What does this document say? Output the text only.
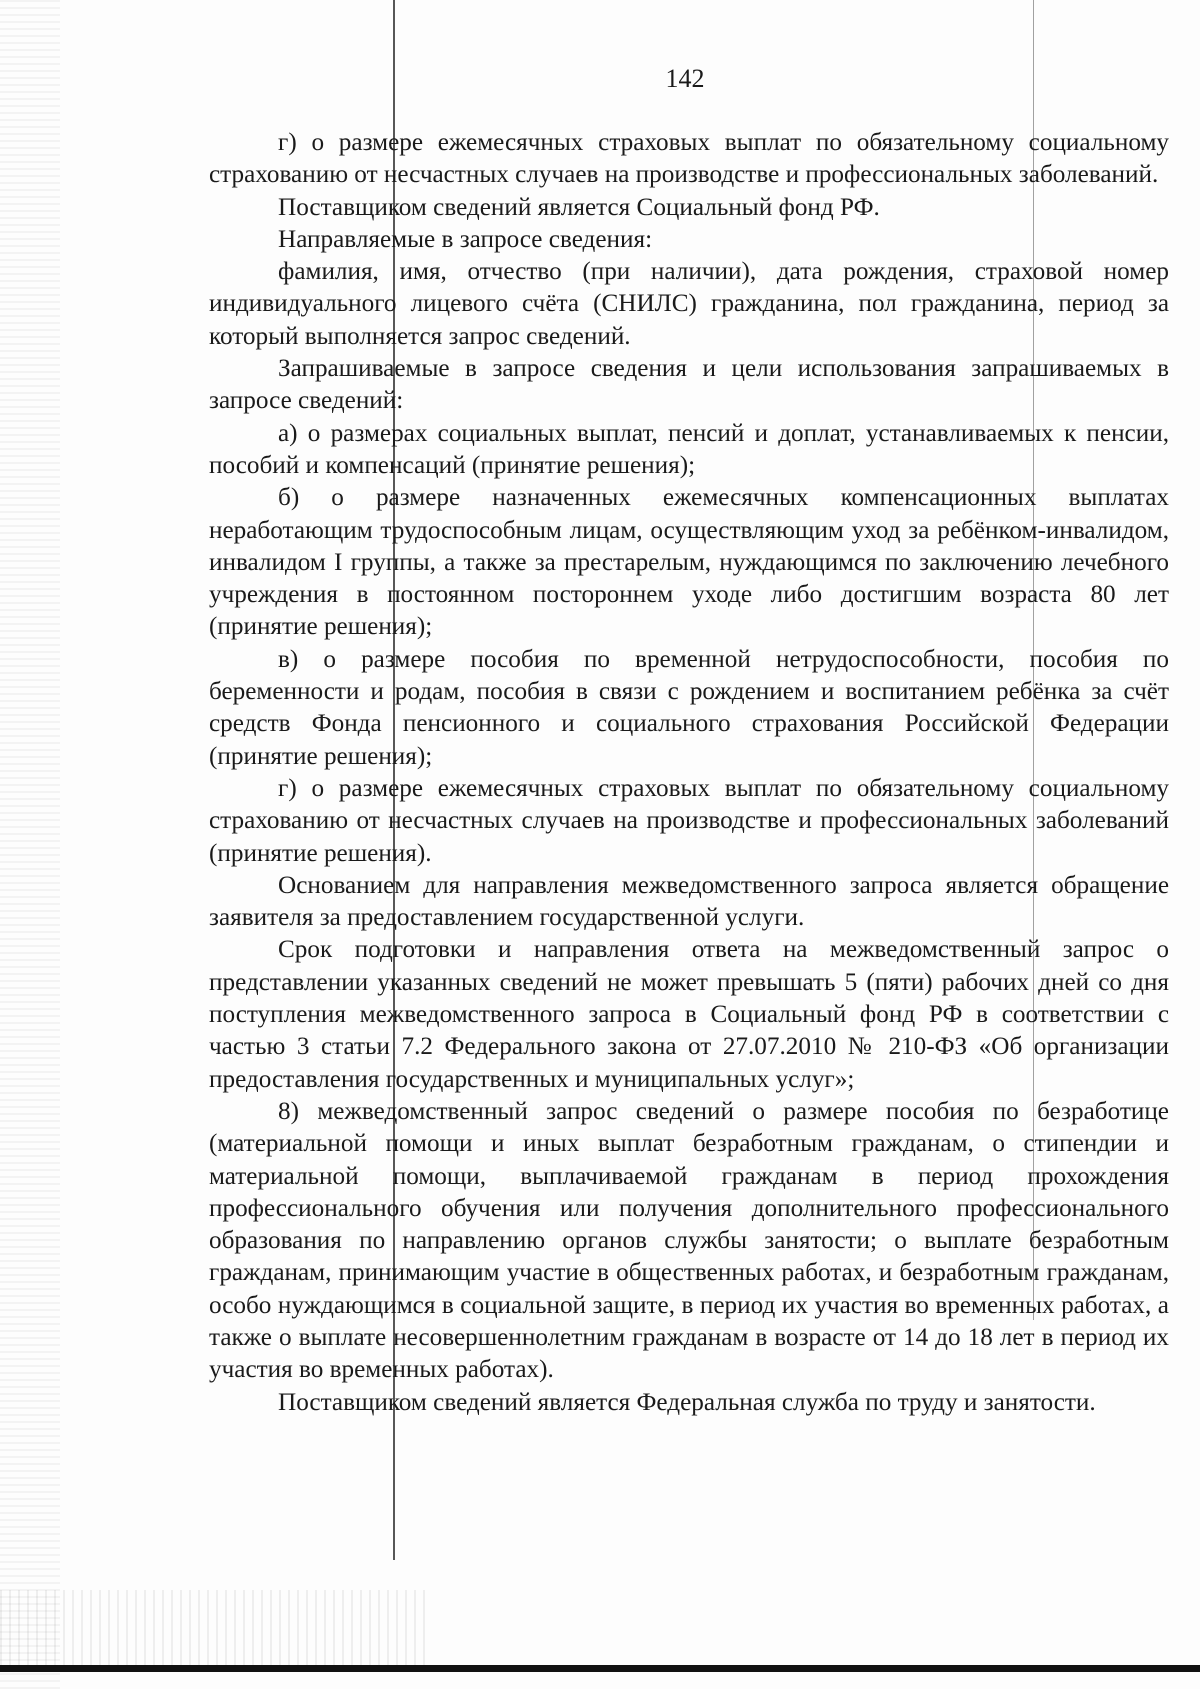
142

г) о размере ежемесячных страховых выплат по обязательному социальному страхованию от несчастных случаев на производстве и профессиональных заболеваний.

Поставщиком сведений является Социальный фонд РФ.

Направляемые в запросе сведения:

фамилия, имя, отчество (при наличии), дата рождения, страховой номер индивидуального лицевого счёта (СНИЛС) гражданина, пол гражданина, период за который выполняется запрос сведений.

Запрашиваемые в запросе сведения и цели использования запрашиваемых в запросе сведений:

а) о размерах социальных выплат, пенсий и доплат, устанавливаемых к пенсии, пособий и компенсаций (принятие решения);

б) о размере назначенных ежемесячных компенсационных выплатах неработающим трудоспособным лицам, осуществляющим уход за ребёнком-инвалидом, инвалидом I группы, а также за престарелым, нуждающимся по заключению лечебного учреждения в постоянном постороннем уходе либо достигшим возраста 80 лет (принятие решения);

в) о размере пособия по временной нетрудоспособности, пособия по беременности и родам, пособия в связи с рождением и воспитанием ребёнка за счёт средств Фонда пенсионного и социального страхования Российской Федерации (принятие решения);

г) о размере ежемесячных страховых выплат по обязательному социальному страхованию от несчастных случаев на производстве и профессиональных заболеваний (принятие решения).

Основанием для направления межведомственного запроса является обращение заявителя за предоставлением государственной услуги.

Срок подготовки и направления ответа на межведомственный запрос о представлении указанных сведений не может превышать 5 (пяти) рабочих дней со дня поступления межведомственного запроса в Социальный фонд РФ в соответствии с частью 3 статьи 7.2 Федерального закона от 27.07.2010 № 210-ФЗ «Об организации предоставления государственных и муниципальных услуг»;

8) межведомственный запрос сведений о размере пособия по безработице (материальной помощи и иных выплат безработным гражданам, о стипендии и материальной помощи, выплачиваемой гражданам в период прохождения профессионального обучения или получения дополнительного профессионального образования по направлению органов службы занятости; о выплате безработным гражданам, принимающим участие в общественных работах, и безработным гражданам, особо нуждающимся в социальной защите, в период их участия во временных работах, а также о выплате несовершеннолетним гражданам в возрасте от 14 до 18 лет в период их участия во временных работах).

Поставщиком сведений является Федеральная служба по труду и занятости.
